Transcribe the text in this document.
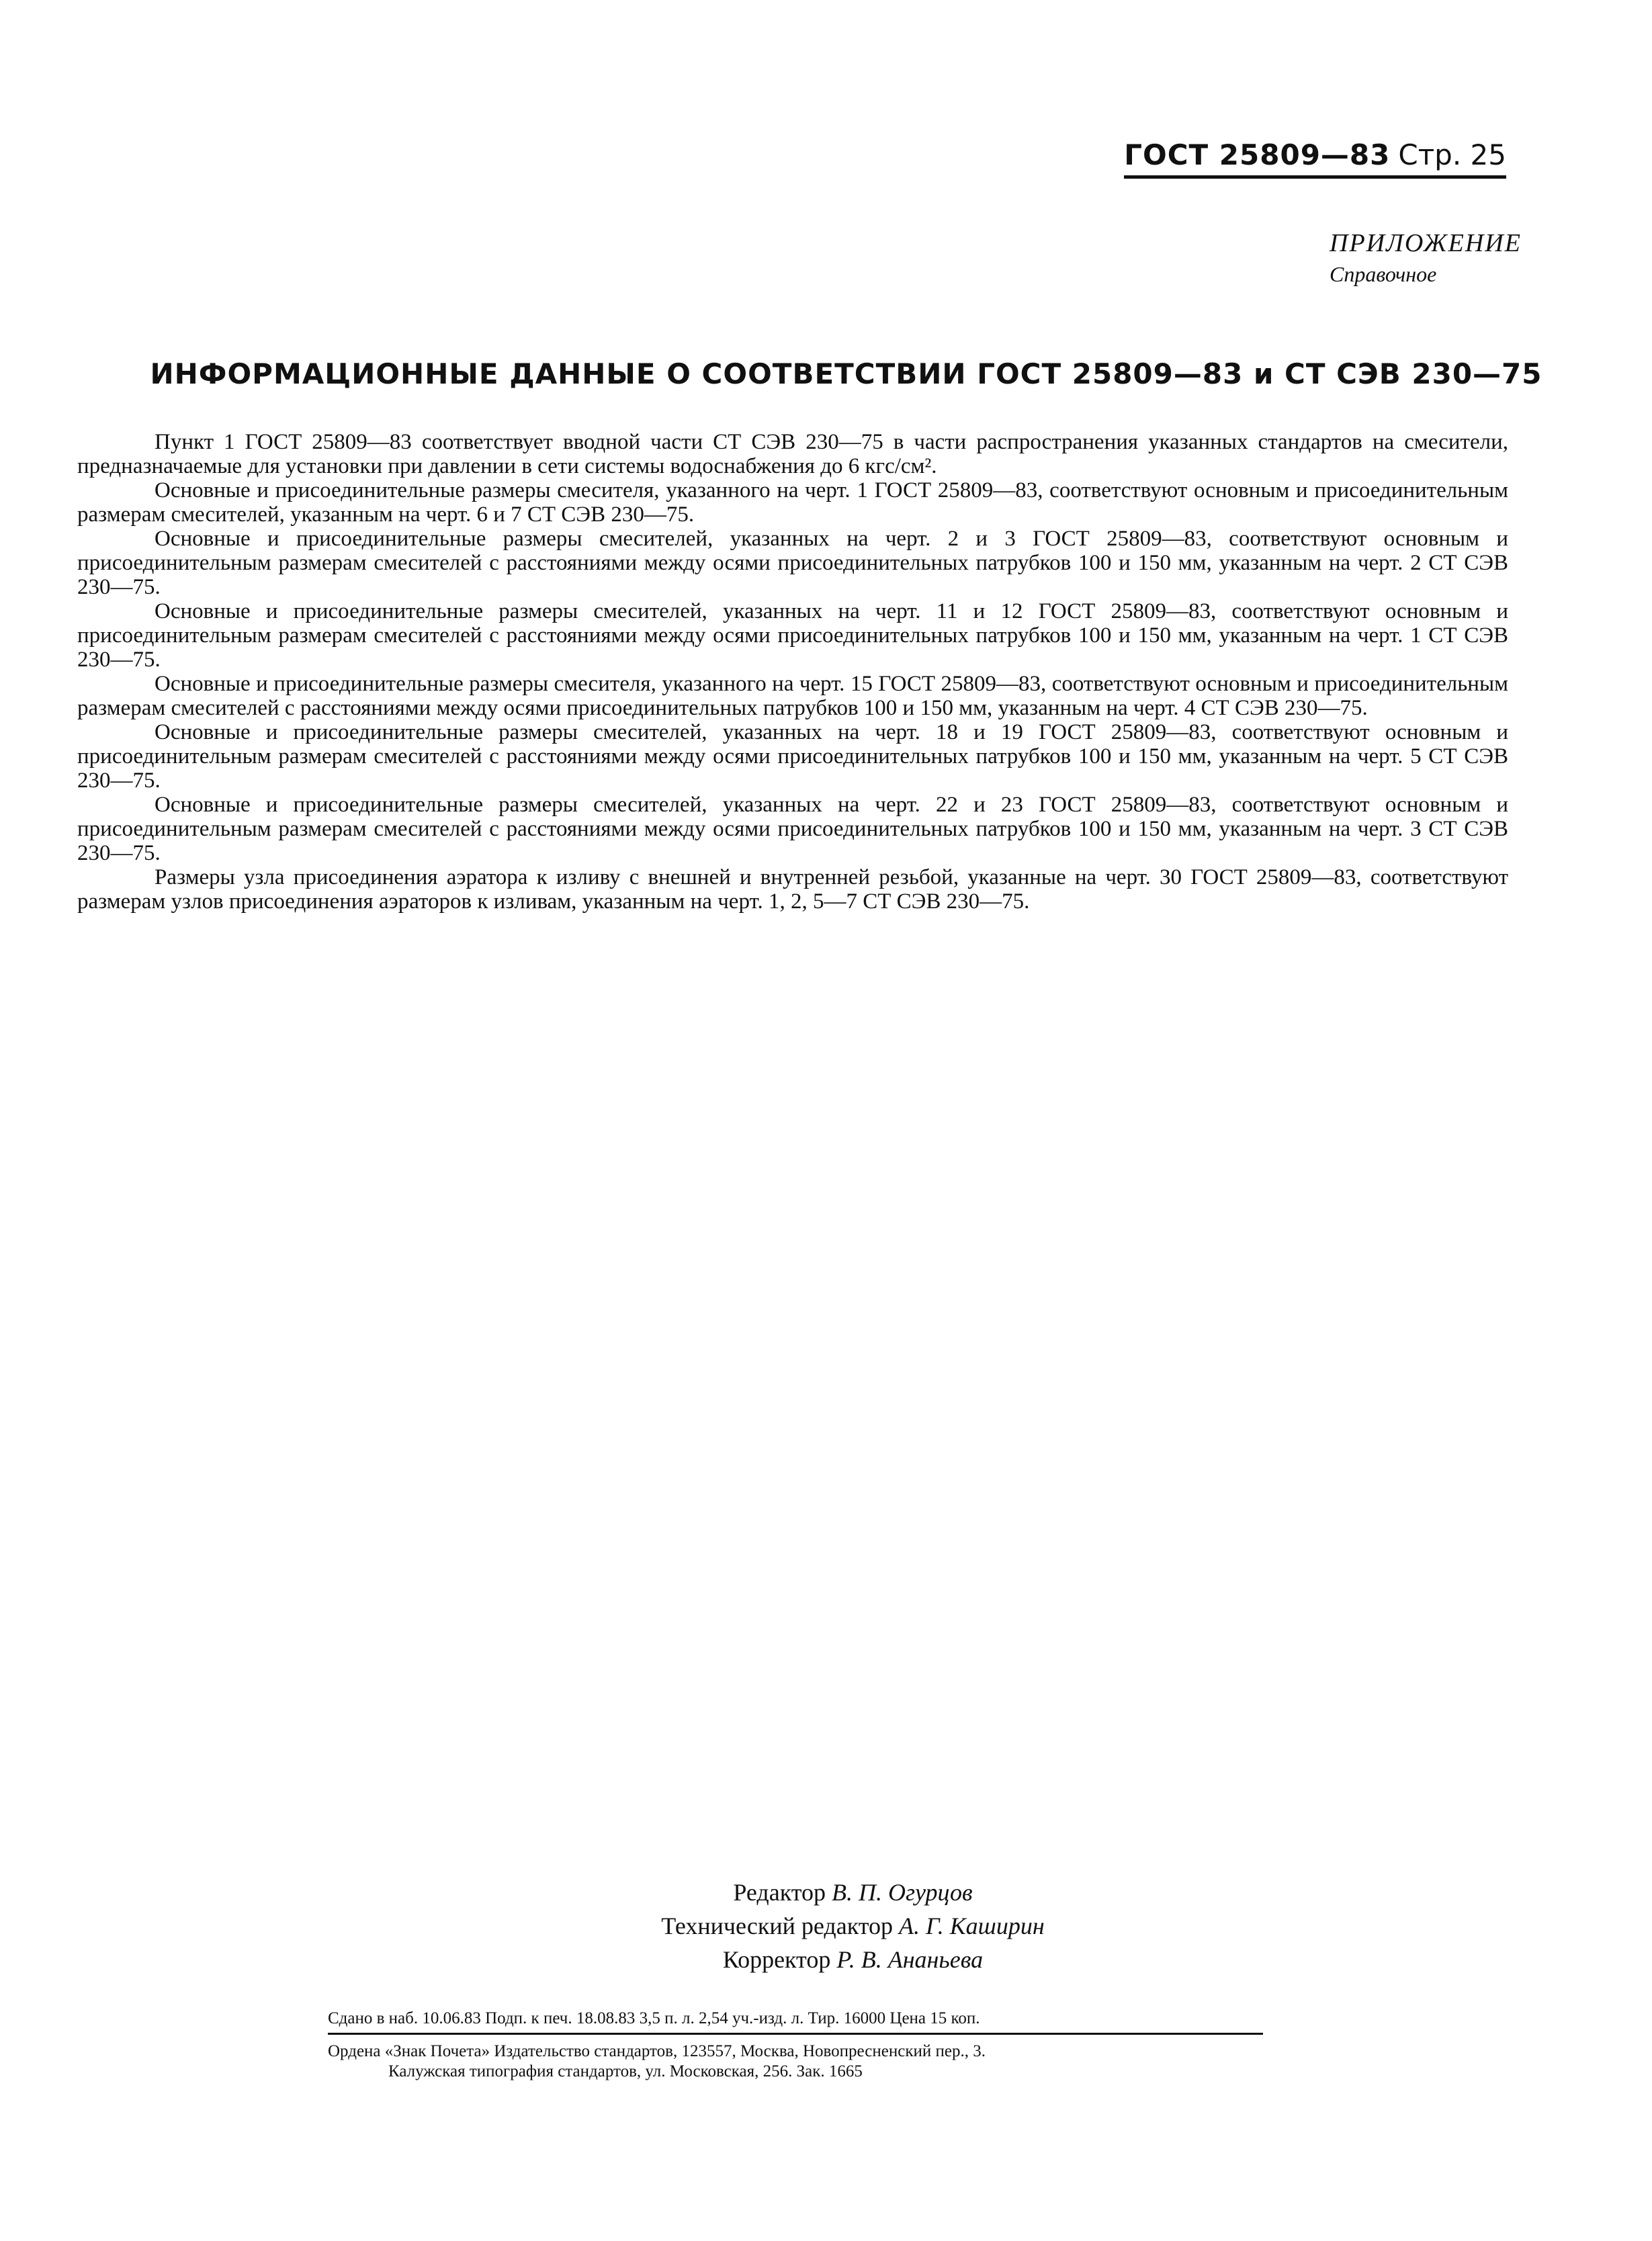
ГОСТ 25809—83 Стр. 25
ПРИЛОЖЕНИЕ
Справочное
ИНФОРМАЦИОННЫЕ ДАННЫЕ О СООТВЕТСТВИИ ГОСТ 25809—83 и СТ СЭВ 230—75

Пункт 1 ГОСТ 25809—83 соответствует вводной части СТ СЭВ 230—75 в части распространения указанных стандартов на смесители, предназначаемые для установки при давлении в сети системы водоснабжения до 6 кгс/см².

Основные и присоединительные размеры смесителя, указанного на черт. 1 ГОСТ 25809—83, соответствуют основным и присоединительным размерам смесителей, указанным на черт. 6 и 7 СТ СЭВ 230—75.

Основные и присоединительные размеры смесителей, указанных на черт. 2 и 3 ГОСТ 25809—83, соответствуют основным и присоединительным размерам смесителей с расстояниями между осями присоединительных патрубков 100 и 150 мм, указанным на черт. 2 СТ СЭВ 230—75.

Основные и присоединительные размеры смесителей, указанных на черт. 11 и 12 ГОСТ 25809—83, соответствуют основным и присоединительным размерам смесителей с расстояниями между осями присоединительных патрубков 100 и 150 мм, указанным на черт. 1 СТ СЭВ 230—75.

Основные и присоединительные размеры смесителя, указанного на черт. 15 ГОСТ 25809—83, соответствуют основным и присоединительным размерам смесителей с расстояниями между осями присоединительных патрубков 100 и 150 мм, указанным на черт. 4 СТ СЭВ 230—75.

Основные и присоединительные размеры смесителей, указанных на черт. 18 и 19 ГОСТ 25809—83, соответствуют основным и присоединительным размерам смесителей с расстояниями между осями присоединительных патрубков 100 и 150 мм, указанным на черт. 5 СТ СЭВ 230—75.

Основные и присоединительные размеры смесителей, указанных на черт. 22 и 23 ГОСТ 25809—83, соответствуют основным и присоединительным размерам смесителей с расстояниями между осями присоединительных патрубков 100 и 150 мм, указанным на черт. 3 СТ СЭВ 230—75.

Размеры узла присоединения аэратора к изливу с внешней и внутренней резьбой, указанные на черт. 30 ГОСТ 25809—83, соответствуют размерам узлов присоединения аэраторов к изливам, указанным на черт. 1, 2, 5—7 СТ СЭВ 230—75.

Редактор В. П. Огурцов
Технический редактор А. Г. Каширин
Корректор Р. В. Ананьева
Сдано в наб. 10.06.83 Подп. к печ. 18.08.83 3,5 п. л. 2,54 уч.-изд. л. Тир. 16000 Цена 15 коп.
Ордена «Знак Почета» Издательство стандартов, 123557, Москва, Новопресненский пер., 3.
Калужская типография стандартов, ул. Московская, 256. Зак. 1665
